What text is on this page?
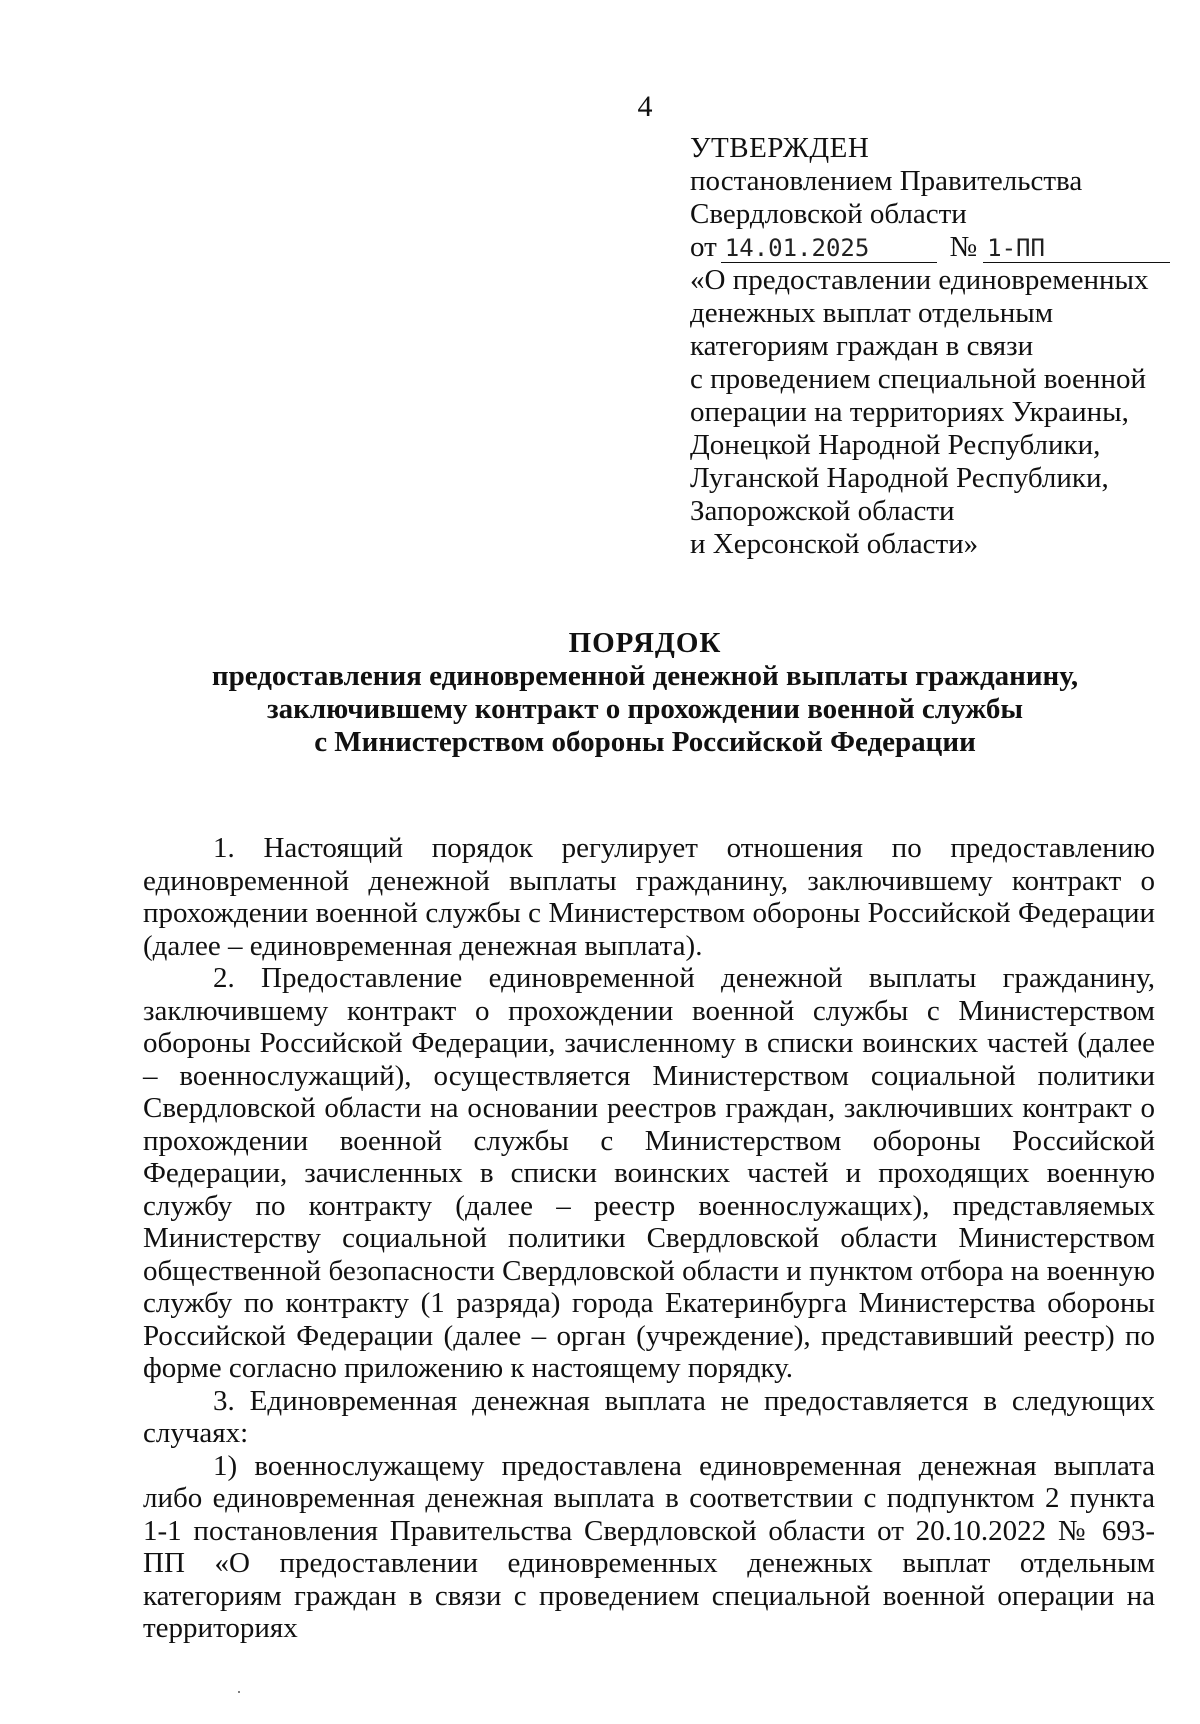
4
УТВЕРЖДЕН
постановлением Правительства
Свердловской области
от 14.01.2025	№ 1-ПП
«О предоставлении единовременных
денежных выплат отдельным
категориям граждан в связи
с проведением специальной военной
операции на территориях Украины,
Донецкой Народной Республики,
Луганской Народной Республики,
Запорожской области
и Херсонской области»
ПОРЯДОК
предоставления единовременной денежной выплаты гражданину,
заключившему контракт о прохождении военной службы
с Министерством обороны Российской Федерации

1. Настоящий порядок регулирует отношения по предоставлению единовременной денежной выплаты гражданину, заключившему контракт о прохождении военной службы с Министерством обороны Российской Федерации (далее – единовременная денежная выплата).

2. Предоставление единовременной денежной выплаты гражданину, заключившему контракт о прохождении военной службы с Министерством обороны Российской Федерации, зачисленному в списки воинских частей (далее – военнослужащий), осуществляется Министерством социальной политики Свердловской области на основании реестров граждан, заключивших контракт о прохождении военной службы с Министерством обороны Российской Федерации, зачисленных в списки воинских частей и проходящих военную службу по контракту (далее – реестр военнослужащих), представляемых Министерству социальной политики Свердловской области Министерством общественной безопасности Свердловской области и пунктом отбора на военную службу по контракту (1 разряда) города Екатеринбурга Министерства обороны Российской Федерации (далее – орган (учреждение), представивший реестр) по форме согласно приложению к настоящему порядку.

3. Единовременная денежная выплата не предоставляется в следующих случаях:

1) военнослужащему предоставлена единовременная денежная выплата либо единовременная денежная выплата в соответствии с подпунктом 2 пункта 1-1 постановления Правительства Свердловской области от 20.10.2022 № 693-ПП «О предоставлении единовременных денежных выплат отдельным категориям граждан в связи с проведением специальной военной операции на территориях
